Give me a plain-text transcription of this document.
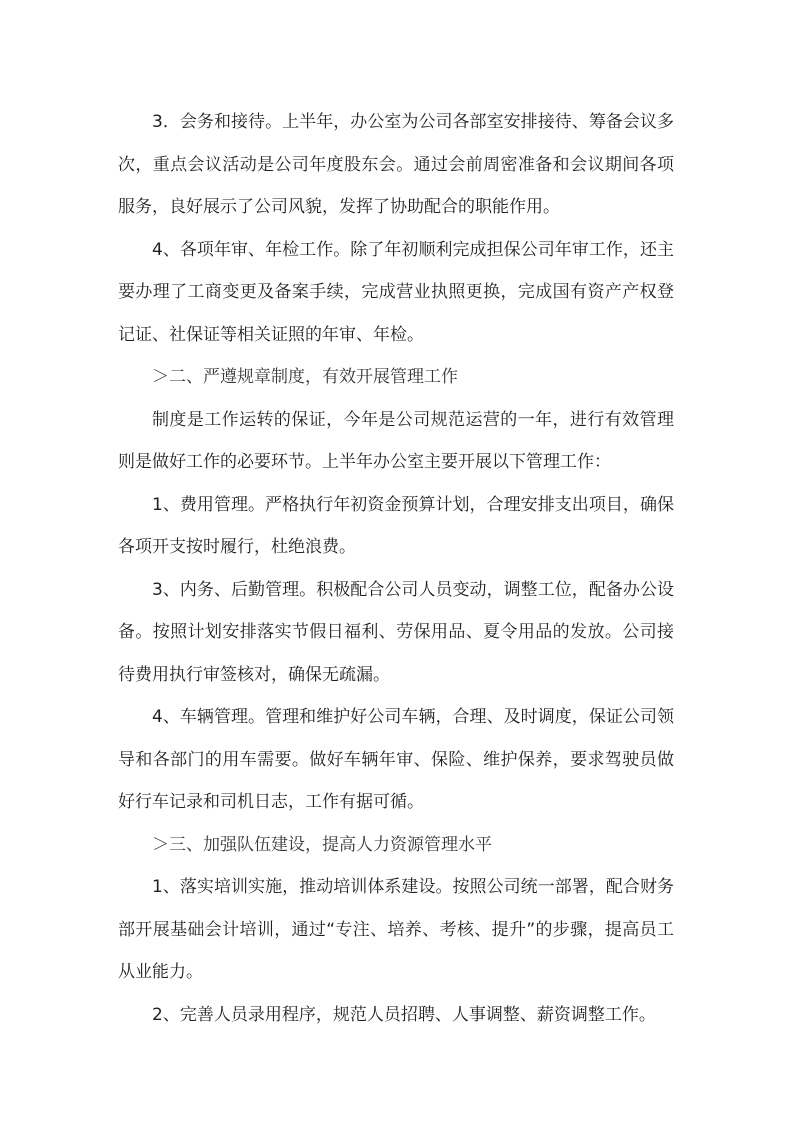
3．会务和接待。上半年，办公室为公司各部室安排接待、筹备会议多次，重点会议活动是公司年度股东会。通过会前周密准备和会议期间各项服务，良好展示了公司风貌，发挥了协助配合的职能作用。

4、各项年审、年检工作。除了年初顺利完成担保公司年审工作，还主要办理了工商变更及备案手续，完成营业执照更换，完成国有资产产权登记证、社保证等相关证照的年审、年检。

＞二、严遵规章制度，有效开展管理工作

制度是工作运转的保证，今年是公司规范运营的一年，进行有效管理则是做好工作的必要环节。上半年办公室主要开展以下管理工作：

1、费用管理。严格执行年初资金预算计划，合理安排支出项目，确保各项开支按时履行，杜绝浪费。

3、内务、后勤管理。积极配合公司人员变动，调整工位，配备办公设备。按照计划安排落实节假日福利、劳保用品、夏令用品的发放。公司接待费用执行审签核对，确保无疏漏。

4、车辆管理。管理和维护好公司车辆，合理、及时调度，保证公司领导和各部门的用车需要。做好车辆年审、保险、维护保养，要求驾驶员做好行车记录和司机日志，工作有据可循。

＞三、加强队伍建设，提高人力资源管理水平

1、落实培训实施，推动培训体系建设。按照公司统一部署，配合财务部开展基础会计培训，通过“专注、培养、考核、提升”的步骤，提高员工从业能力。

2、完善人员录用程序，规范人员招聘、人事调整、薪资调整工作。
